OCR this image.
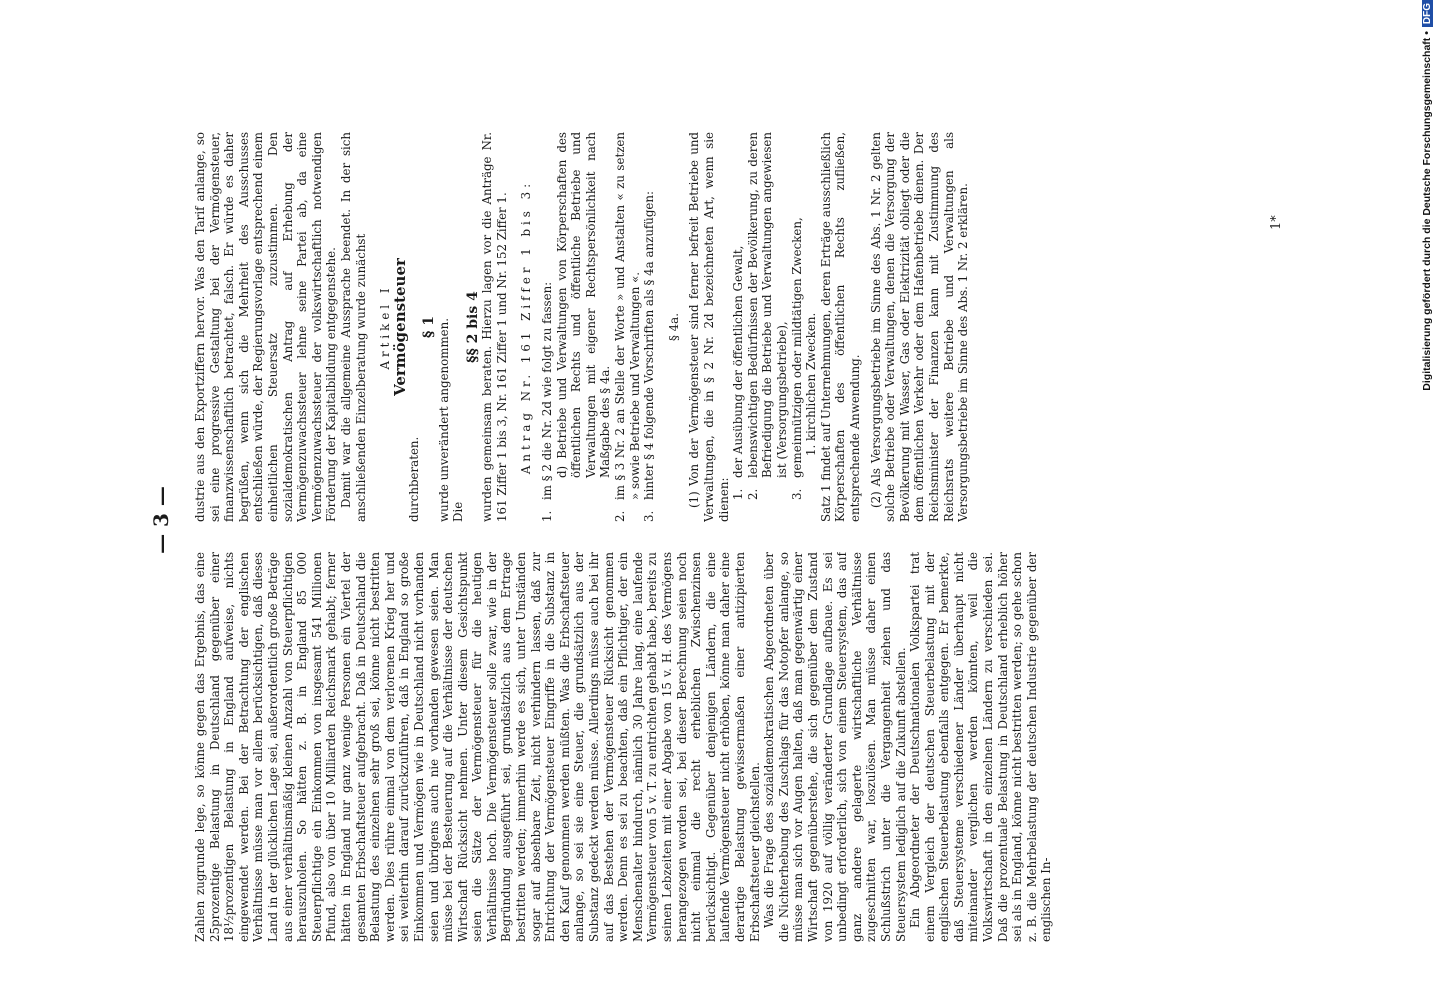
— 3 —

Zahlen zugrunde lege, so könne gegen das Ergebnis, das eine 25prozentige Belastung in Deutschland gegenüber einer 18½prozentigen Belastung in England aufweise, nichts eingewendet werden. Bei der Betrachtung der englischen Verhältnisse müsse man vor allem berücksichtigen, daß dieses Land in der glücklichen Lage sei, außerordentlich große Beträge aus einer verhältnismäßig kleinen Anzahl von Steuerpflichtigen herauszuholen. So hätten z. B. in England 85 000 Steuerpflichtige ein Einkommen von insgesamt 541 Millionen Pfund, also von über 10 Milliarden Reichsmark gehabt; ferner hätten in England nur ganz wenige Personen ein Viertel der gesamten Erbschaftsteuer aufgebracht. Daß in Deutschland die Belastung des einzelnen sehr groß sei, könne nicht bestritten werden. Dies rühre einmal von dem verlorenen Krieg her und sei weiterhin darauf zurückzuführen, daß in England so große Einkommen und Vermögen wie in Deutschland nicht vorhanden seien und übrigens auch nie vorhanden gewesen seien. Man müsse bei der Besteuerung auf die Verhältnisse der deutschen Wirtschaft Rücksicht nehmen. Unter diesem Gesichtspunkt seien die Sätze der Vermögensteuer für die heutigen Verhältnisse hoch. Die Vermögensteuer solle zwar, wie in der Begründung ausgeführt sei, grundsätzlich aus dem Ertrage bestritten werden; immerhin werde es sich, unter Umständen sogar auf absehbare Zeit, nicht verhindern lassen, daß zur Entrichtung der Vermögensteuer Eingriffe in die Substanz in den Kauf genommen werden müßten. Was die Erbschaftsteuer anlange, so sei sie eine Steuer, die grundsätzlich aus der Substanz gedeckt werden müsse. Allerdings müsse auch bei ihr auf das Bestehen der Vermögensteuer Rücksicht genommen werden. Denn es sei zu beachten, daß ein Pflichtiger, der ein Menschenalter hindurch, nämlich 30 Jahre lang, eine laufende Vermögensteuer von 5 v. T. zu entrichten gehabt habe, bereits zu seinen Lebzeiten mit einer Abgabe von 15 v. H. des Vermögens herangezogen worden sei, bei dieser Berechnung seien noch nicht einmal die recht erheblichen Zwischenzinsen berücksichtigt. Gegenüber denjenigen Ländern, die eine laufende Vermögensteuer nicht erhöben, könne man daher eine derartige Belastung gewissermaßen einer antizipierten Erbschaftsteuer gleichstellen. Was die Frage des sozialdemokratischen Abgeordneten über die Nichterhebung des Zuschlags für das Notopfer anlange, so müsse man sich vor Augen halten, daß man gegenwärtig einer Wirtschaft gegenüberstehe, die sich gegenüber dem Zustand von 1920 auf völlig veränderter Grundlage aufbaue. Es sei unbedingt erforderlich, sich von einem Steuersystem, das auf ganz andere gelagerte wirtschaftliche Verhältnisse zugeschnitten war, loszulösen. Man müsse daher einen Schlußstrich unter die Vergangenheit ziehen und das Steuersystem lediglich auf die Zukunft abstellen. Ein Abgeordneter der Deutschnationalen Volkspartei trat einem Vergleich der deutschen Steuerbelastung mit der englischen Steuerbelastung ebenfalls entgegen. Er bemerkte, daß Steuersysteme verschiedener Länder überhaupt nicht miteinander verglichen werden könnten, weil die Volkswirtschaft in den einzelnen Ländern zu verschieden sei. Daß die prozentuale Belastung in Deutschland erheblich höher sei als in England, könne nicht bestritten werden; so gehe schon z. B. die Mehrbelastung der deutschen Industrie gegenüber der englischen In-

dustrie aus den Exportziffern hervor. Was den Tarif anlange, so sei eine progressive Gestaltung bei der Vermögensteuer, finanzwissenschaftlich betrachtet, falsch. Er würde es daher begrüßen, wenn sich die Mehrheit des Ausschusses entschließen würde, der Regierungsvorlage entsprechend einem einheitlichen Steuersatz zuzustimmen. Den sozialdemokratischen Antrag auf Erhebung der Vermögenzuwachssteuer lehne seine Partei ab, da eine Vermögenzuwachssteuer der volkswirtschaftlich notwendigen Förderung der Kapitalbildung entgegenstehe. Damit war die allgemeine Aussprache beendet. In der sich anschließenden Einzelberatung wurde zunächst Artikel I

Vermögensteuer

durchberaten.

§ 1 wurde unverändert angenommen. Die

§§ 2 bis 4 wurden gemeinsam beraten. Hierzu lagen vor die Anträge Nr. 161 Ziffer 1 bis 3, Nr. 161 Ziffer 1 und Nr. 152 Ziffer 1. Antrag Nr. 161 Ziffer 1 bis 3:

1.
im § 2 die Nr. 2d wie folgt zu fassen: d) Betriebe und Verwaltungen von Körperschaften des öffentlichen Rechts und öffentliche Betriebe und Verwaltungen mit eigener Rechtspersönlichkeit nach Maßgabe des § 4a.
2.
im § 3 Nr. 2 an Stelle der Worte » und Anstalten « zu setzen » sowie Betriebe und Verwaltungen «.
3.
hinter § 4 folgende Vorschriften als § 4a anzufügen: § 4a. (1) Von der Vermögensteuer sind ferner befreit Betriebe und Verwaltungen, die in § 2 Nr. 2d bezeichneten Art, wenn sie dienen: 1.
der Ausübung der öffentlichen Gewalt,
2.
lebenswichtigen Bedürfnissen der Bevölkerung, zu deren Befriedigung die Betriebe und Verwaltungen angewiesen ist (Versorgungsbetriebe),
3.
gemeinnützigen oder mildtätigen Zwecken, 1. kirchlichen Zwecken. Satz 1 findet auf Unternehmungen, deren Erträge ausschließlich Körperschaften des öffentlichen Rechts zufließen, entsprechende Anwendung. (2) Als Versorgungsbetriebe im Sinne des Abs. 1 Nr. 2 gelten solche Betriebe oder Verwaltungen, denen die Versorgung der Bevölkerung mit Wasser, Gas oder Elektrizität obliegt oder die dem öffentlichen Verkehr oder dem Hafenbetriebe dienen. Der Reichsminister der Finanzen kann mit Zustimmung des Reichsrats weitere Betriebe und Verwaltungen als Versorgungsbetriebe im Sinne des Abs. 1 Nr. 2 erklären.	1*	Digitalisierung gefördert durch die Deutsche Forschungsgemeinschaft •DFG
